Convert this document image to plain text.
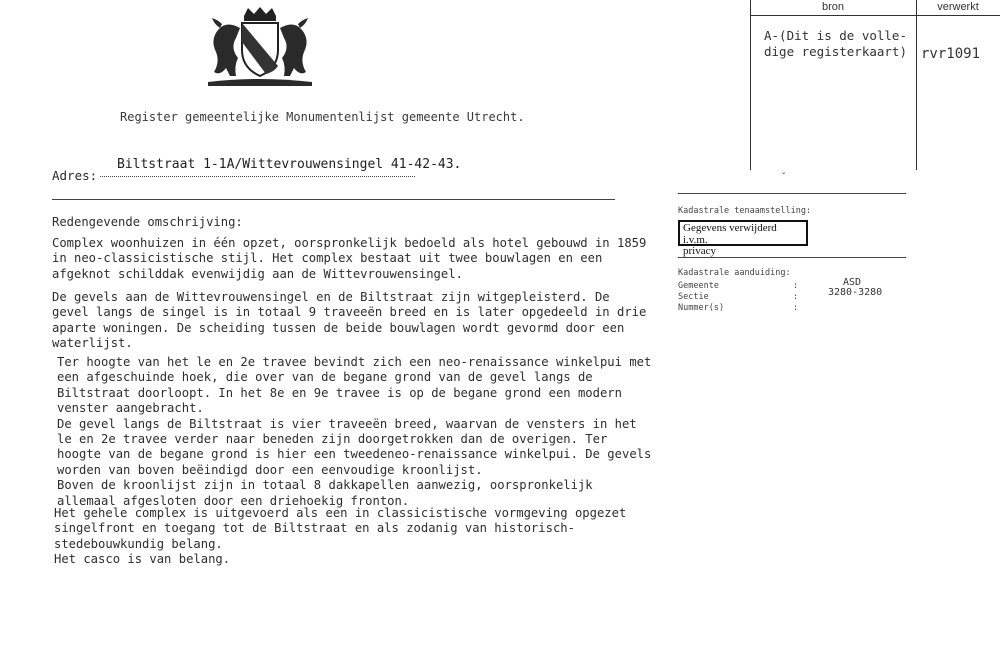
bron	verwerkt
A-(Dit is de volle-
dige registerkaart) rvr1091
ˇ
Register gemeentelijke Monumentenlijst gemeente Utrecht.
Adres:
Biltstraat 1-1A/Wittevrouwensingel 41-42-43.
Redengevende omschrijving:
Complex woonhuizen in één opzet, oorspronkelijk bedoeld als hotel gebouwd in 1859
in neo-classicistische stijl. Het complex bestaat uit twee bouwlagen en een
afgeknot schilddak evenwijdig aan de Wittevrouwensingel.
De gevels aan de Wittevrouwensingel en de Biltstraat zijn witgepleisterd. De
gevel langs de singel is in totaal 9 traveeën breed en is later opgedeeld in drie
aparte woningen. De scheiding tussen de beide bouwlagen wordt gevormd door een
waterlijst.
Ter hoogte van het le en 2e travee bevindt zich een neo-renaissance winkelpui met
een afgeschuinde hoek, die over van de begane grond van de gevel langs de
Biltstraat doorloopt. In het 8e en 9e travee is op de begane grond een modern
venster aangebracht.
De gevel langs de Biltstraat is vier traveeën breed, waarvan de vensters in het
le en 2e travee verder naar beneden zijn doorgetrokken dan de overigen. Ter
hoogte van de begane grond is hier een tweedeneo-renaissance winkelpui. De gevels
worden van boven beëindigd door een eenvoudige kroonlijst.
Boven de kroonlijst zijn in totaal 8 dakkapellen aanwezig, oorspronkelijk
allemaal afgesloten door een driehoekig fronton.
Het gehele complex is uitgevoerd als een in classicistische vormgeving opgezet
singelfront en toegang tot de Biltstraat en als zodanig van historisch-
stedebouwkundig belang.
Het casco is van belang.
Kadastrale tenaamstelling:
Gegevens verwijderd i.v.m.
privacy
Kadastrale aanduiding:
Gemeente	:	ASD
Sectie	:	3280-3280
Nummer(s)	:
